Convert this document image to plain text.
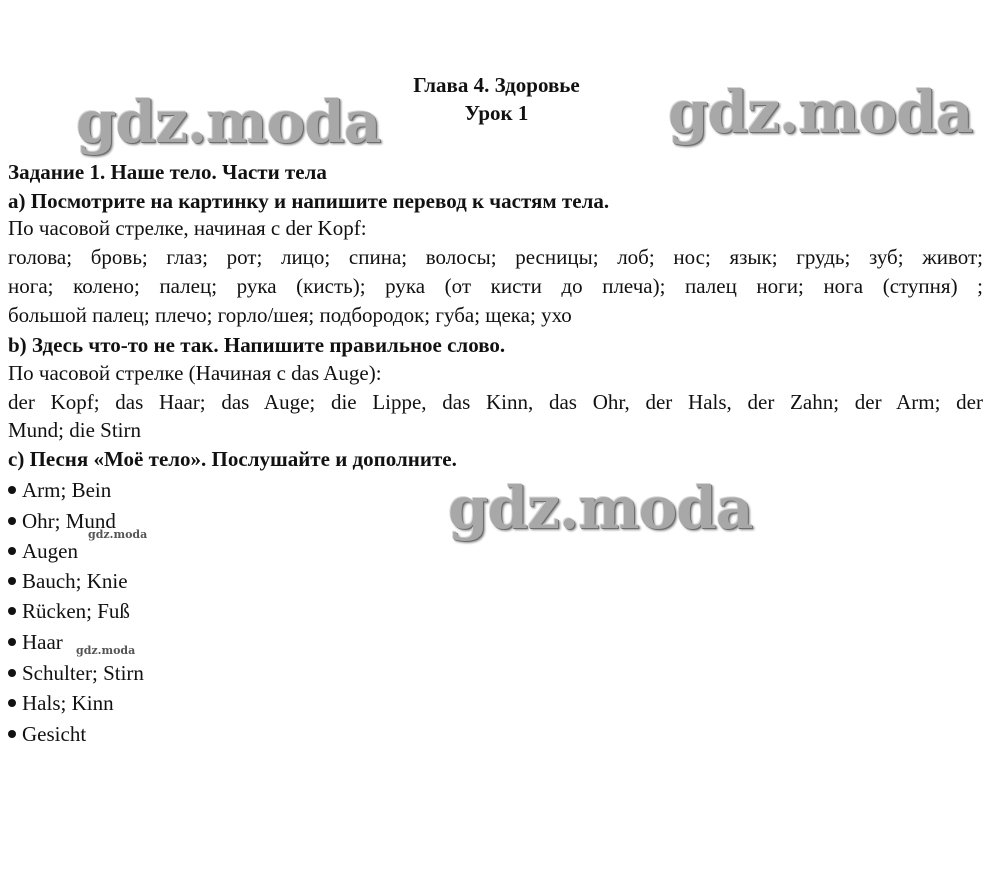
Глава 4. Здоровье
Урок 1
gdz.moda	gdz.moda
Задание 1. Наше тело. Части тела
а) Посмотрите на картинку и напишите перевод к частям тела.
По часовой стрелке, начиная с der Kopf:
голова; бровь; глаз; рот; лицо; спина; волосы; ресницы; лоб; нос; язык; грудь; зуб; живот;
нога; колено; палец; рука (кисть); рука (от кисти до плеча); палец ноги; нога (ступня) ;
большой палец; плечо; горло/шея; подбородок; губа; щека; ухо
b) Здесь что-то не так. Напишите правильное слово.
По часовой стрелке (Начиная с das Auge):
der Kopf; das Haar; das Auge; die Lippe, das Kinn, das Ohr, der Hals, der Zahn; der Arm; der
Mund; die Stirn
c) Песня «Моё тело». Послушайте и дополните.
Arm; Bein
Ohr; Mund
Augen
Bauch; Knie
Rücken; Fuß
Haar
Schulter; Stirn
Hals; Kinn
Gesicht
gdz.moda
gdz.moda
gdz.moda
